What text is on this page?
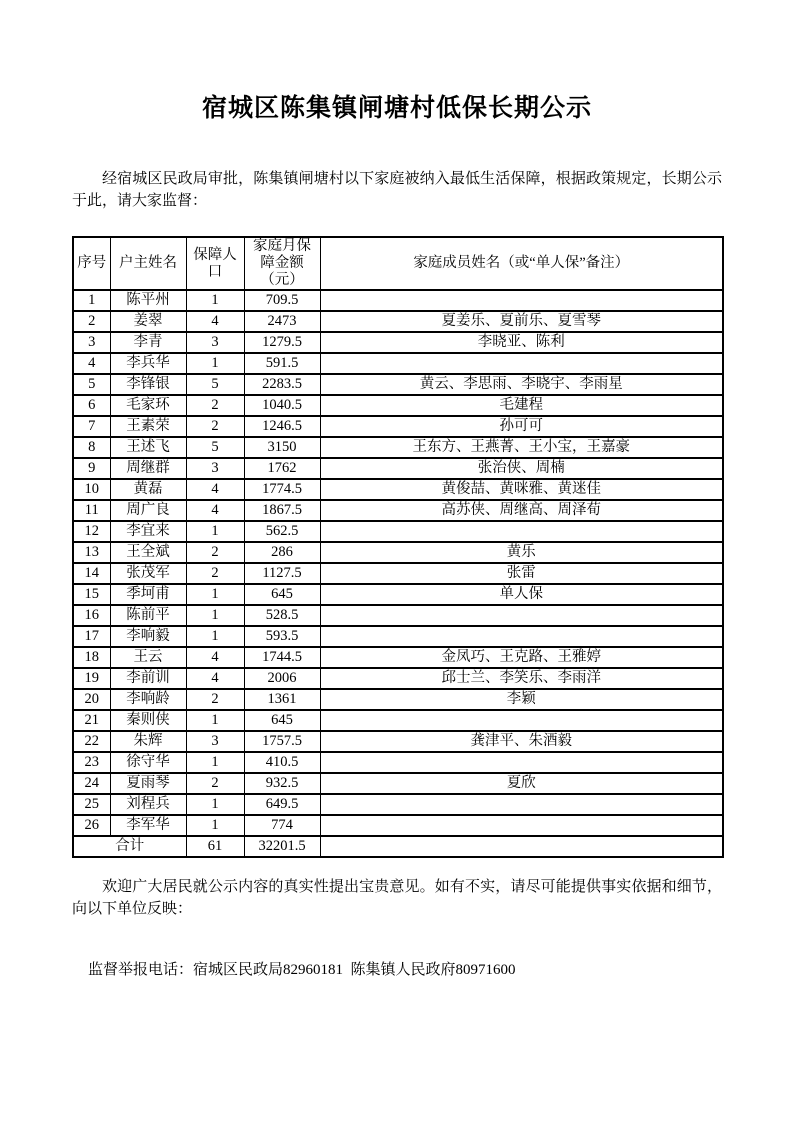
宿城区陈集镇闸塘村低保长期公示

经宿城区民政局审批，陈集镇闸塘村以下家庭被纳入最低生活保障，根据政策规定，长期公示于此，请大家监督：

序号	户主姓名	保障人口	家庭月保障金额（元）	家庭成员姓名（或“单人保”备注）
1	陈平州	1	709.5	
2	姜翠	4	2473	夏姜乐、夏前乐、夏雪琴
3	李青	3	1279.5	李晓亚、陈利
4	李兵华	1	591.5	
5	李锋银	5	2283.5	黄云、李思雨、李晓宇、李雨星
6	毛家环	2	1040.5	毛建程
7	王素荣	2	1246.5	孙可可
8	王述飞	5	3150	王东方、王燕菁、王小宝，王嘉豪
9	周继群	3	1762	张治侠、周楠
10	黄磊	4	1774.5	黄俊喆、黄咪雅、黄迷佳
11	周广良	4	1867.5	高苏侠、周继高、周泽荀
12	李宜来	1	562.5	
13	王全斌	2	286	黄乐
14	张茂军	2	1127.5	张雷
15	季坷甫	1	645	单人保
16	陈前平	1	528.5	
17	李响毅	1	593.5	
18	王云	4	1744.5	金凤巧、王克路、王雅婷
19	李前训	4	2006	邱士兰、李笑乐、李雨洋
20	李响龄	2	1361	李颖
21	秦则侠	1	645	
22	朱辉	3	1757.5	龚津平、朱酒毅
23	徐守华	1	410.5	
24	夏雨琴	2	932.5	夏欣
25	刘程兵	1	649.5	
26	李军华	1	774	
合计		61	32201.5	

欢迎广大居民就公示内容的真实性提出宝贵意见。如有不实，请尽可能提供事实依据和细节，向以下单位反映：

监督举报电话：宿城区民政局82960181  陈集镇人民政府80971600
